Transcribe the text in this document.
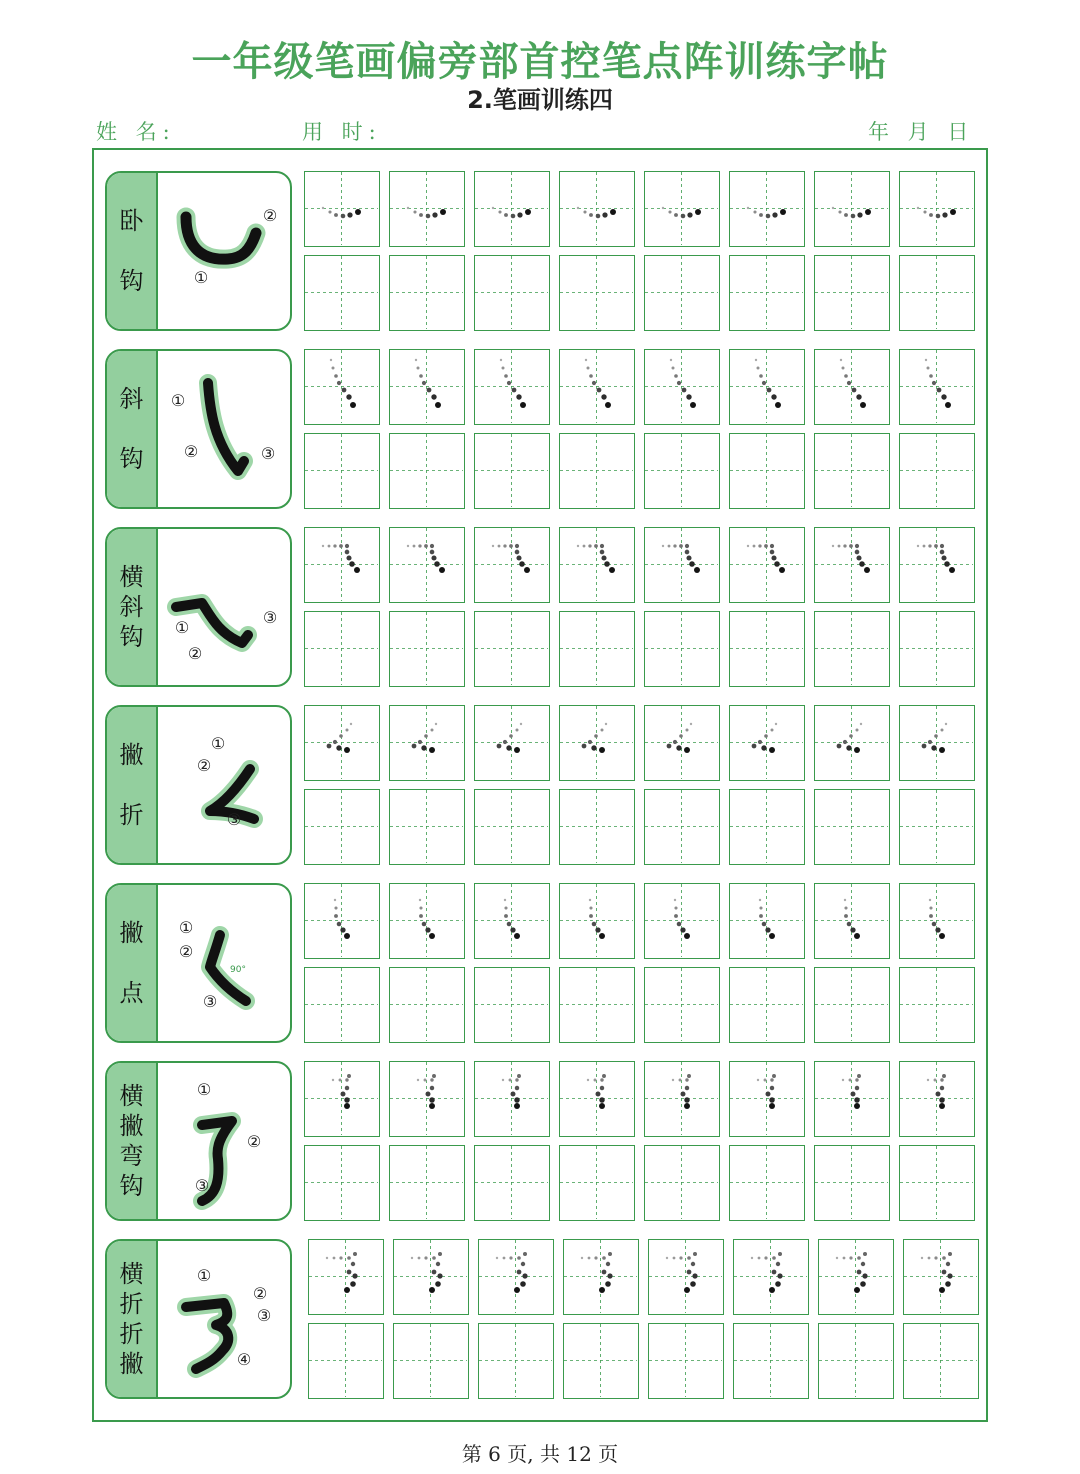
一年级笔画偏旁部首控笔点阵训练字帖
2.笔画训练四
姓 名:	用 时:	年 月 日
卧
钩	①
②
斜
钩
①
②	③
横
斜
钩 ①
②
③
撇
折
①
②
③
撇
点
①
②
③
90°
横
撇
弯
钩
①
②
③
横
折
折
撇
①
②
③
④
第 6 页, 共 12 页
